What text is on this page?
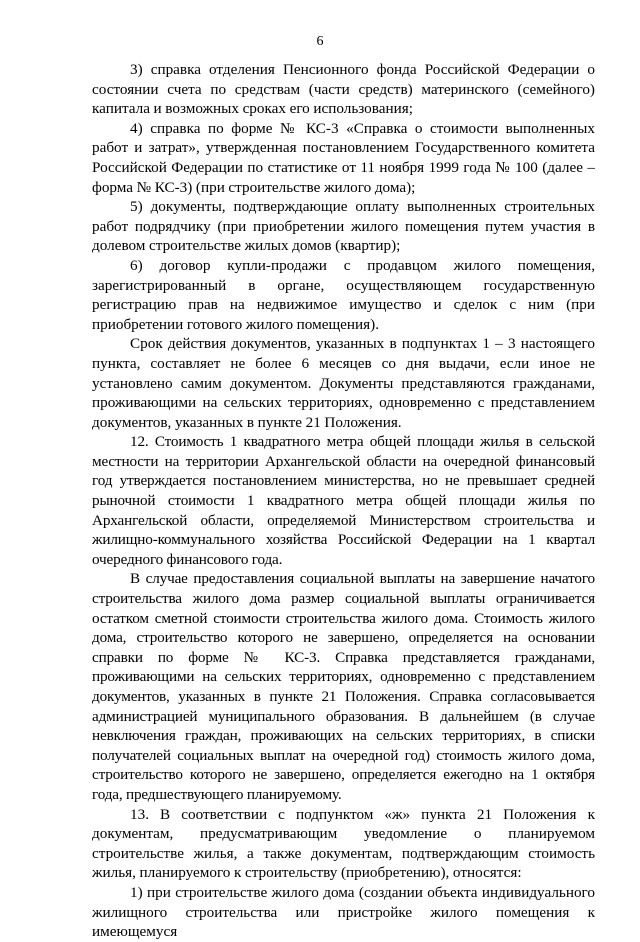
6

3) справка отделения Пенсионного фонда Российской Федерации о состоянии счета по средствам (части средств) материнского (семейного) капитала и возможных сроках его использования;

4) справка по форме № КС-3 «Справка о стоимости выполненных работ и затрат», утвержденная постановлением Государственного комитета Российской Федерации по статистике от 11 ноября 1999 года № 100 (далее – форма № КС-3) (при строительстве жилого дома);

5) документы, подтверждающие оплату выполненных строительных работ подрядчику (при приобретении жилого помещения путем участия в долевом строительстве жилых домов (квартир);

6) договор купли-продажи с продавцом жилого помещения, зарегистрированный в органе, осуществляющем государственную регистрацию прав на недвижимое имущество и сделок с ним (при приобретении готового жилого помещения).

Срок действия документов, указанных в подпунктах 1 – 3 настоящего пункта, составляет не более 6 месяцев со дня выдачи, если иное не установлено самим документом. Документы представляются гражданами, проживающими на сельских территориях, одновременно с представлением документов, указанных в пункте 21 Положения.

12. Стоимость 1 квадратного метра общей площади жилья в сельской местности на территории Архангельской области на очередной финансовый год утверждается постановлением министерства, но не превышает средней рыночной стоимости 1 квадратного метра общей площади жилья по Архангельской области, определяемой Министерством строительства и жилищно-коммунального хозяйства Российской Федерации на 1 квартал очередного финансового года.

В случае предоставления социальной выплаты на завершение начатого строительства жилого дома размер социальной выплаты ограничивается остатком сметной стоимости строительства жилого дома. Стоимость жилого дома, строительство которого не завершено, определяется на основании справки по форме № КС-3. Справка представляется гражданами, проживающими на сельских территориях, одновременно с представлением документов, указанных в пункте 21 Положения. Справка согласовывается администрацией муниципального образования. В дальнейшем (в случае невключения граждан, проживающих на сельских территориях, в списки получателей социальных выплат на очередной год) стоимость жилого дома, строительство которого не завершено, определяется ежегодно на 1 октября года, предшествующего планируемому.

13. В соответствии с подпунктом «ж» пункта 21 Положения к документам, предусматривающим уведомление о планируемом строительстве жилья, а также документам, подтверждающим стоимость жилья, планируемого к строительству (приобретению), относятся:

1) при строительстве жилого дома (создании объекта индивидуального жилищного строительства или пристройке жилого помещения к имеющемуся
